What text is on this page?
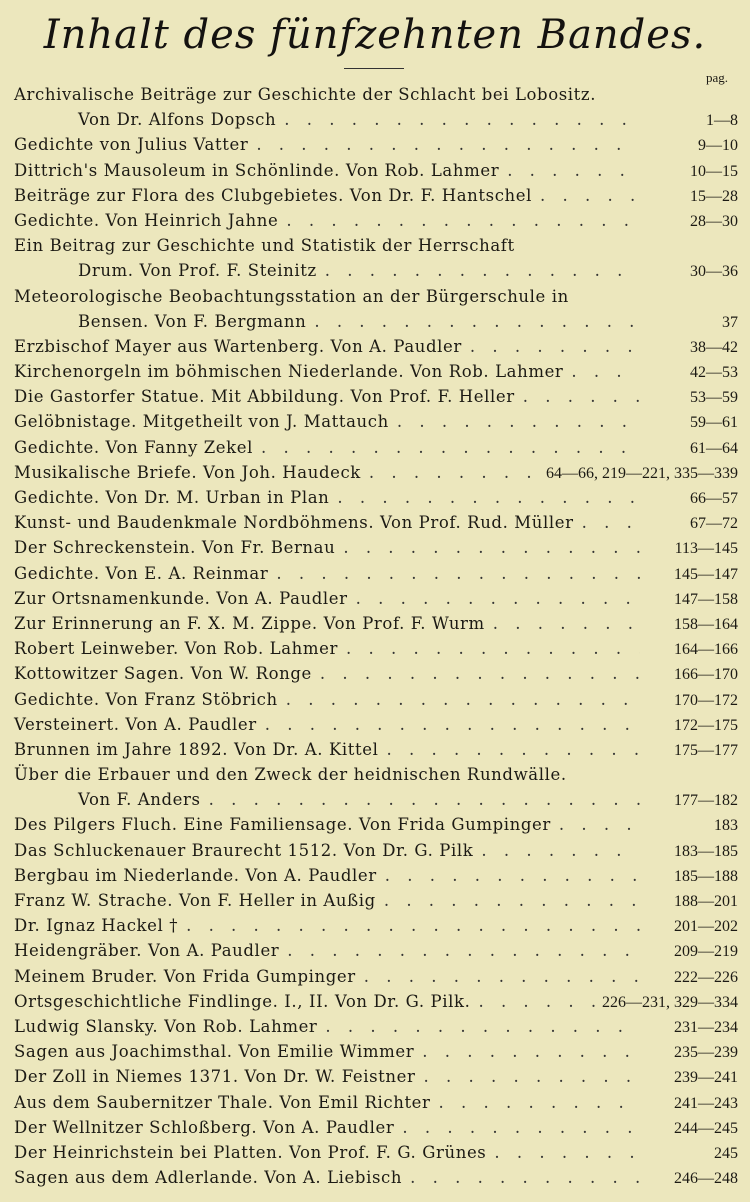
Inhalt des fünfzehnten Bandes.
pag.
Archivalische Beiträge zur Geschichte der Schlacht bei Lobositz.
Von Dr. Alfons Dopsch . . .	1—8
Gedichte von Julius Vatter . . .	9—10
Dittrich's Mausoleum in Schönlinde. Von Rob. Lahmer . . .	10—15
Beiträge zur Flora des Clubgebietes. Von Dr. F. Hantschel . . .	15—28
Gedichte. Von Heinrich Jahne . . .	28—30
Ein Beitrag zur Geschichte und Statistik der Herrschaft
Drum. Von Prof. F. Steinitz . . .	30—36
Meteorologische Beobachtungsstation an der Bürgerschule in
Bensen. Von F. Bergmann . . .	37
Erzbischof Mayer aus Wartenberg. Von A. Paudler . . .	38—42
Kirchenorgeln im böhmischen Niederlande. Von Rob. Lahmer . . .	42—53
Die Gastorfer Statue. Mit Abbildung. Von Prof. F. Heller . . .	53—59
Gelöbnistage. Mitgetheilt von J. Mattauch . . .	59—61
Gedichte. Von Fanny Zekel . . .	61—64
Musikalische Briefe. Von Joh. Haudeck . . .	64—66, 219—221, 335—339
Gedichte. Von Dr. M. Urban in Plan . . .	66—57
Kunst- und Baudenkmale Nordböhmens. Von Prof. Rud. Müller . . .	67—72
Der Schreckenstein. Von Fr. Bernau . . .	113—145
Gedichte. Von E. A. Reinmar . . .	145—147
Zur Ortsnamenkunde. Von A. Paudler . . .	147—158
Zur Erinnerung an F. X. M. Zippe. Von Prof. F. Wurm . . .	158—164
Robert Leinweber. Von Rob. Lahmer . . .	164—166
Kottowitzer Sagen. Von W. Ronge . . .	166—170
Gedichte. Von Franz Stöbrich . . .	170—172
Versteinert. Von A. Paudler . . .	172—175
Brunnen im Jahre 1892. Von Dr. A. Kittel . . .	175—177
Über die Erbauer und den Zweck der heidnischen Rundwälle.
Von F. Anders . . .	177—182
Des Pilgers Fluch. Eine Familiensage. Von Frida Gumpinger . . .	183
Das Schluckenauer Braurecht 1512. Von Dr. G. Pilk . . .	183—185
Bergbau im Niederlande. Von A. Paudler . . .	185—188
Franz W. Strache. Von F. Heller in Außig . . .	188—201
Dr. Ignaz Hackel † . . .	201—202
Heidengräber. Von A. Paudler . . .	209—219
Meinem Bruder. Von Frida Gumpinger . . .	222—226
Ortsgeschichtliche Findlinge. I., II. Von Dr. G. Pilk. . . .	226—231, 329—334
Ludwig Slansky. Von Rob. Lahmer . . .	231—234
Sagen aus Joachimsthal. Von Emilie Wimmer . . .	235—239
Der Zoll in Niemes 1371. Von Dr. W. Feistner . . .	239—241
Aus dem Saubernitzer Thale. Von Emil Richter . . .	241—243
Der Wellnitzer Schloßberg. Von A. Paudler . . .	244—245
Der Heinrichstein bei Platten. Von Prof. F. G. Grünes . . .	245
Sagen aus dem Adlerlande. Von A. Liebisch . . .	246—248
